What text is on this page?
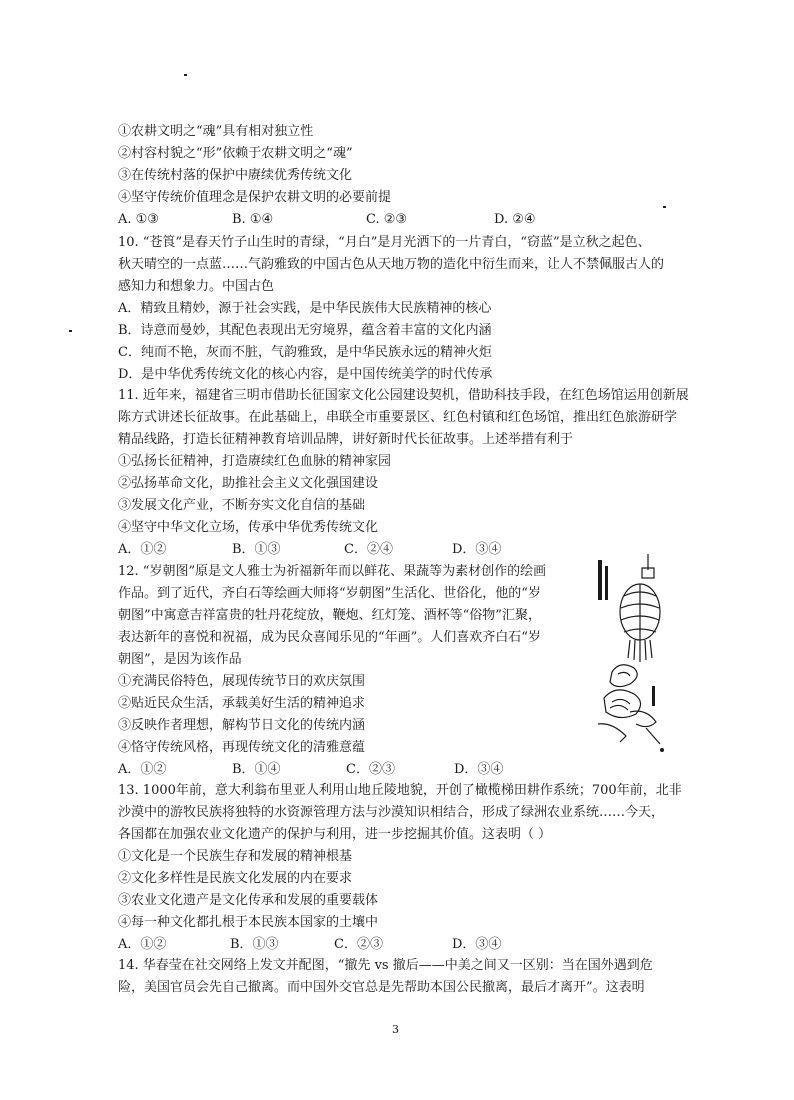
①农耕文明之“魂”具有相对独立性

②村容村貌之“形”依赖于农耕文明之“魂”

③在传统村落的保护中赓续优秀传统文化

④坚守传统价值理念是保护农耕文明的必要前提

A. ①③	B. ①④	C. ②③	D. ②④

10. “苍筤”是春天竹子山生时的青绿，“月白”是月光洒下的一片青白，“窃蓝”是立秋之起色、

秋天晴空的一点蓝……气韵雅致的中国古色从天地万物的造化中衍生而来，让人不禁佩服古人的

感知力和想象力。中国古色

A．精致且精妙，源于社会实践，是中华民族伟大民族精神的核心

B．诗意而曼妙，其配色表现出无穷境界，蕴含着丰富的文化内涵

C．纯而不艳，灰而不脏，气韵雅致，是中华民族永远的精神火炬

D．是中华优秀传统文化的核心内容，是中国传统美学的时代传承

11. 近年来，福建省三明市借助长征国家文化公园建设契机，借助科技手段，在红色场馆运用创新展

陈方式讲述长征故事。在此基础上，串联全市重要景区、红色村镇和红色场馆，推出红色旅游研学

精品线路，打造长征精神教育培训品牌，讲好新时代长征故事。上述举措有利于

①弘扬长征精神，打造赓续红色血脉的精神家园

②弘扬革命文化，助推社会主义文化强国建设

③发展文化产业，不断夯实文化自信的基础

④坚守中华文化立场，传承中华优秀传统文化

A．①②	B．①③	C．②④	D．③④

12. “岁朝图”原是文人雅士为祈福新年而以鲜花、果蔬等为素材创作的绘画

作品。到了近代，齐白石等绘画大师将“岁朝图”生活化、世俗化，他的“岁

朝图”中寓意吉祥富贵的牡丹花绽放，鞭炮、红灯笼、酒杯等“俗物”汇聚，

表达新年的喜悦和祝福，成为民众喜闻乐见的“年画”。人们喜欢齐白石“岁

朝图”，是因为该作品

①充满民俗特色，展现传统节日的欢庆氛围

②贴近民众生活，承载美好生活的精神追求

③反映作者理想，解构节日文化的传统内涵

④恪守传统风格，再现传统文化的清雅意蕴

A．①②	B．①④	C．②③	D．③④

13. 1000年前，意大利翁布里亚人利用山地丘陵地貌，开创了橄榄梯田耕作系统；700年前，北非

沙漠中的游牧民族将独特的水资源管理方法与沙漠知识相结合，形成了绿洲农业系统……今天，

各国都在加强农业文化遗产的保护与利用，进一步挖掘其价值。这表明（ ）

①文化是一个民族生存和发展的精神根基

②文化多样性是民族文化发展的内在要求

③农业文化遗产是文化传承和发展的重要载体

④每一种文化都扎根于本民族本国家的土壤中

A．①②	B．①③	C．②③	D．③④

14. 华春莹在社交网络上发文并配图，“撤先 vs 撤后——中美之间又一区别：当在国外遇到危

险，美国官员会先自己撤离。而中国外交官总是先帮助本国公民撤离，最后才离开”。这表明

3
